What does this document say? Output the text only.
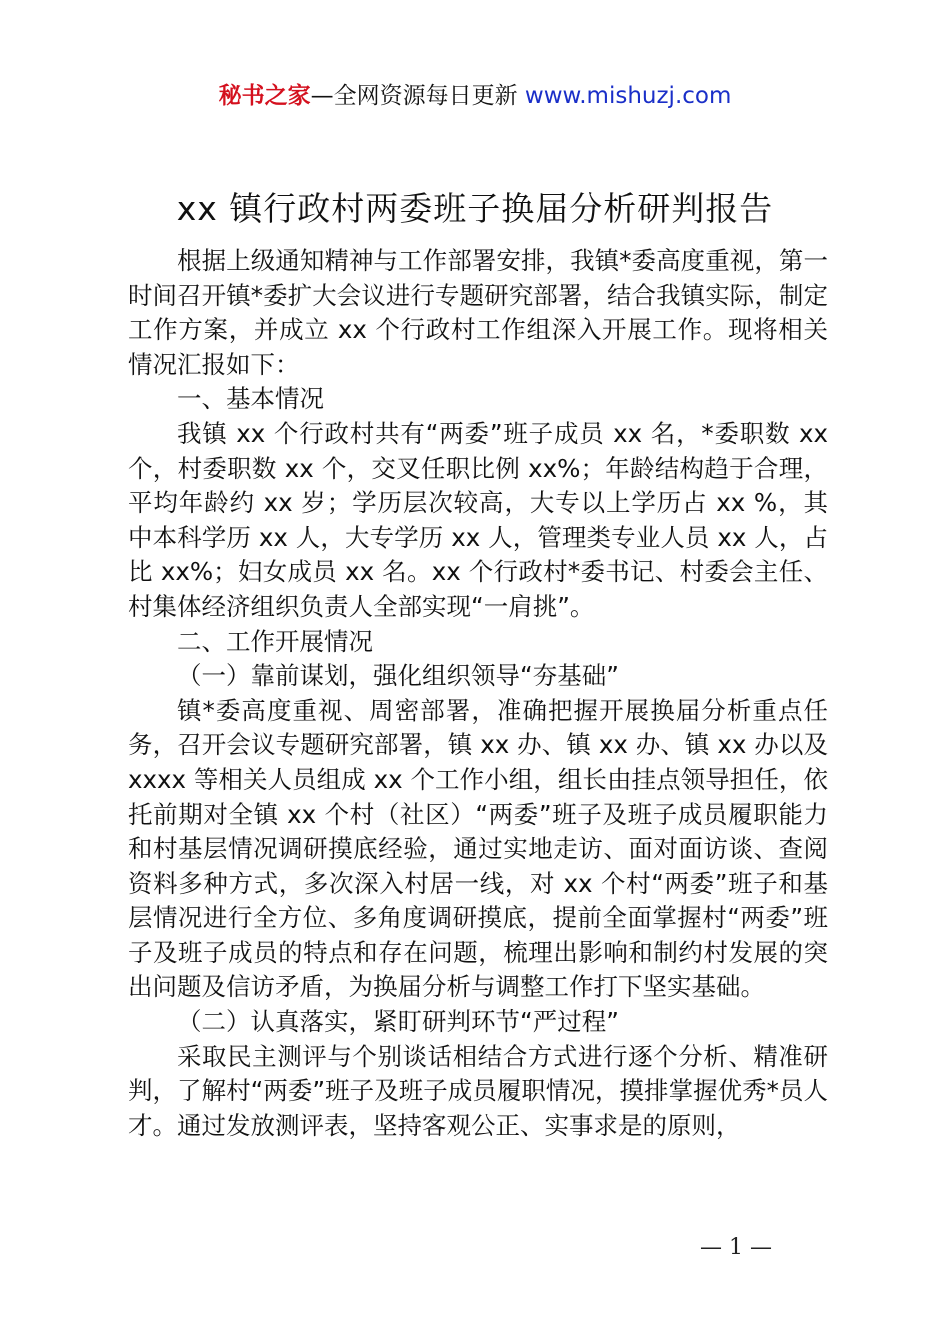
秘书之家—全网资源每日更新 www.mishuzj.com
xx 镇行政村两委班子换届分析研判报告

根据上级通知精神与工作部署安排，我镇*委高度重视，第一时间召开镇*委扩大会议进行专题研究部署，结合我镇实际，制定工作方案，并成立 xx 个行政村工作组深入开展工作。现将相关情况汇报如下：

一、基本情况

我镇 xx 个行政村共有“两委”班子成员 xx 名，*委职数 xx 个，村委职数 xx 个，交叉任职比例 xx%；年龄结构趋于合理，平均年龄约 xx 岁；学历层次较高，大专以上学历占 xx %，其中本科学历 xx 人，大专学历 xx 人，管理类专业人员 xx 人，占比 xx%；妇女成员 xx 名。xx 个行政村*委书记、村委会主任、村集体经济组织负责人全部实现“一肩挑”。

二、工作开展情况

（一）靠前谋划，强化组织领导“夯基础”

镇*委高度重视、周密部署，准确把握开展换届分析重点任务，召开会议专题研究部署，镇 xx 办、镇 xx 办、镇 xx 办以及 xxxx 等相关人员组成 xx 个工作小组，组长由挂点领导担任，依托前期对全镇 xx 个村（社区）“两委”班子及班子成员履职能力和村基层情况调研摸底经验，通过实地走访、面对面访谈、查阅资料多种方式，多次深入村居一线，对 xx 个村“两委”班子和基层情况进行全方位、多角度调研摸底，提前全面掌握村“两委”班子及班子成员的特点和存在问题，梳理出影响和制约村发展的突出问题及信访矛盾，为换届分析与调整工作打下坚实基础。

（二）认真落实，紧盯研判环节“严过程”

采取民主测评与个别谈话相结合方式进行逐个分析、精准研判，了解村“两委”班子及班子成员履职情况，摸排掌握优秀*员人才。通过发放测评表，坚持客观公正、实事求是的原则，

— 1 —
